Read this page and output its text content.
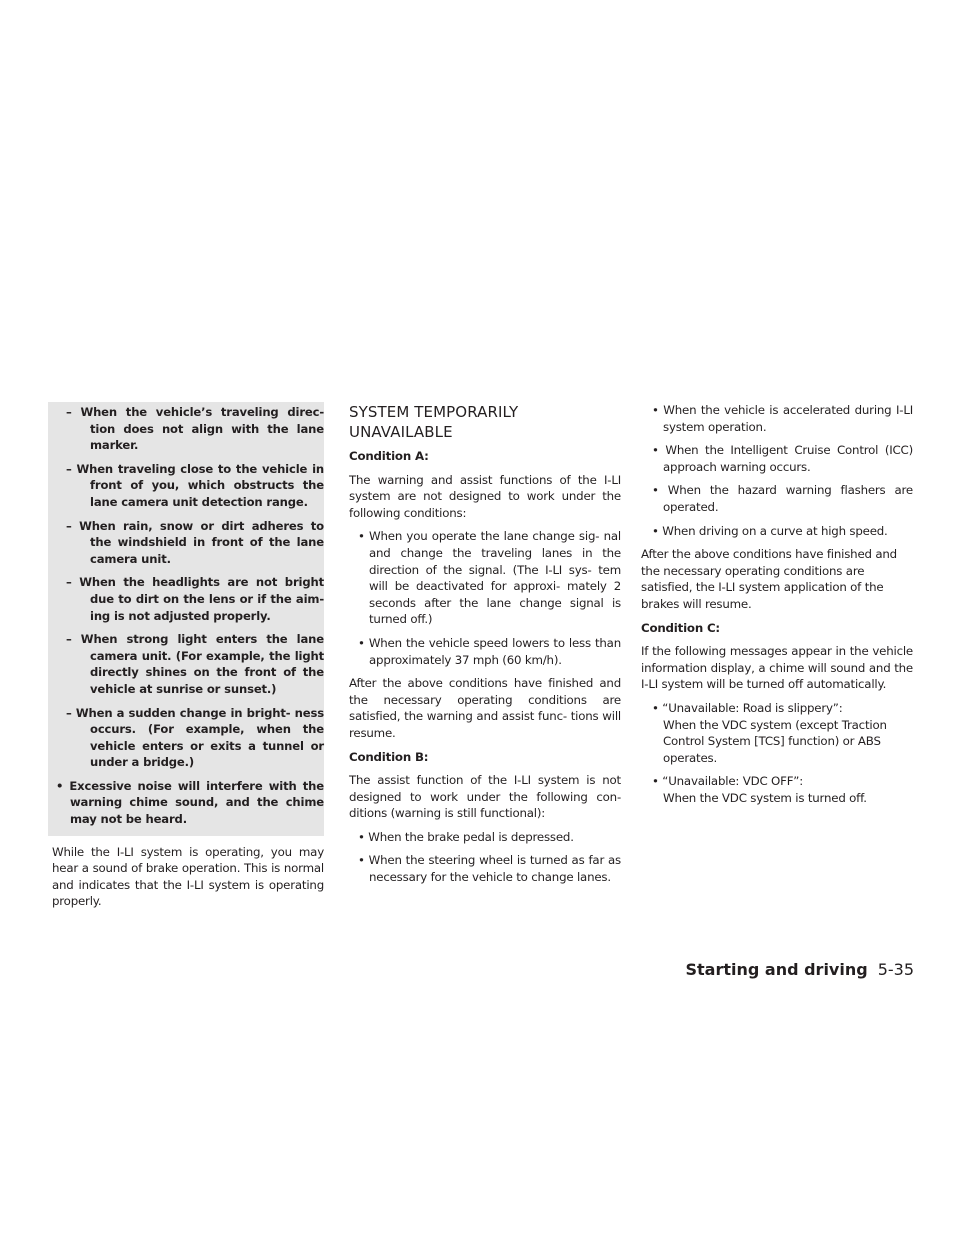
– When the vehicle’s traveling direc- tion does not align with the lane marker.
– When traveling close to the vehicle in front of you, which obstructs the lane camera unit detection range.
– When rain, snow or dirt adheres to the windshield in front of the lane camera unit.
– When the headlights are not bright due to dirt on the lens or if the aim- ing is not adjusted properly.
– When strong light enters the lane camera unit. (For example, the light directly shines on the front of the vehicle at sunrise or sunset.)
– When a sudden change in bright- ness occurs. (For example, when the vehicle enters or exits a tunnel or under a bridge.)
• Excessive noise will interfere with the warning chime sound, and the chime may not be heard.

While the I-LI system is operating, you may hear a sound of brake operation. This is normal and indicates that the I-LI system is operating properly.

SYSTEM TEMPORARILY
UNAVAILABLE

Condition A:

The warning and assist functions of the I-LI system are not designed to work under the following conditions:

• When you operate the lane change sig- nal and change the traveling lanes in the direction of the signal. (The I-LI sys- tem will be deactivated for approxi- mately 2 seconds after the lane change signal is turned off.)

• When the vehicle speed lowers to less than approximately 37 mph (60 km/h).

After the above conditions have finished and the necessary operating conditions are satisfied, the warning and assist func- tions will resume.

Condition B:

The assist function of the I-LI system is not designed to work under the following con- ditions (warning is still functional):

• When the brake pedal is depressed.

• When the steering wheel is turned as far as necessary for the vehicle to change lanes.

• When the vehicle is accelerated during I-LI system operation.

• When the Intelligent Cruise Control (ICC) approach warning occurs.

• When the hazard warning flashers are operated.

• When driving on a curve at high speed.

After the above conditions have finished and the necessary operating conditions are satisfied, the I-LI system application of the brakes will resume.

Condition C:

If the following messages appear in the vehicle information display, a chime will sound and the I-LI system will be turned off automatically.

• “Unavailable: Road is slippery”:

When the VDC system (except Traction Control System [TCS] function) or ABS operates.

• “Unavailable: VDC OFF”:

When the VDC system is turned off.

Starting and driving 5-35
